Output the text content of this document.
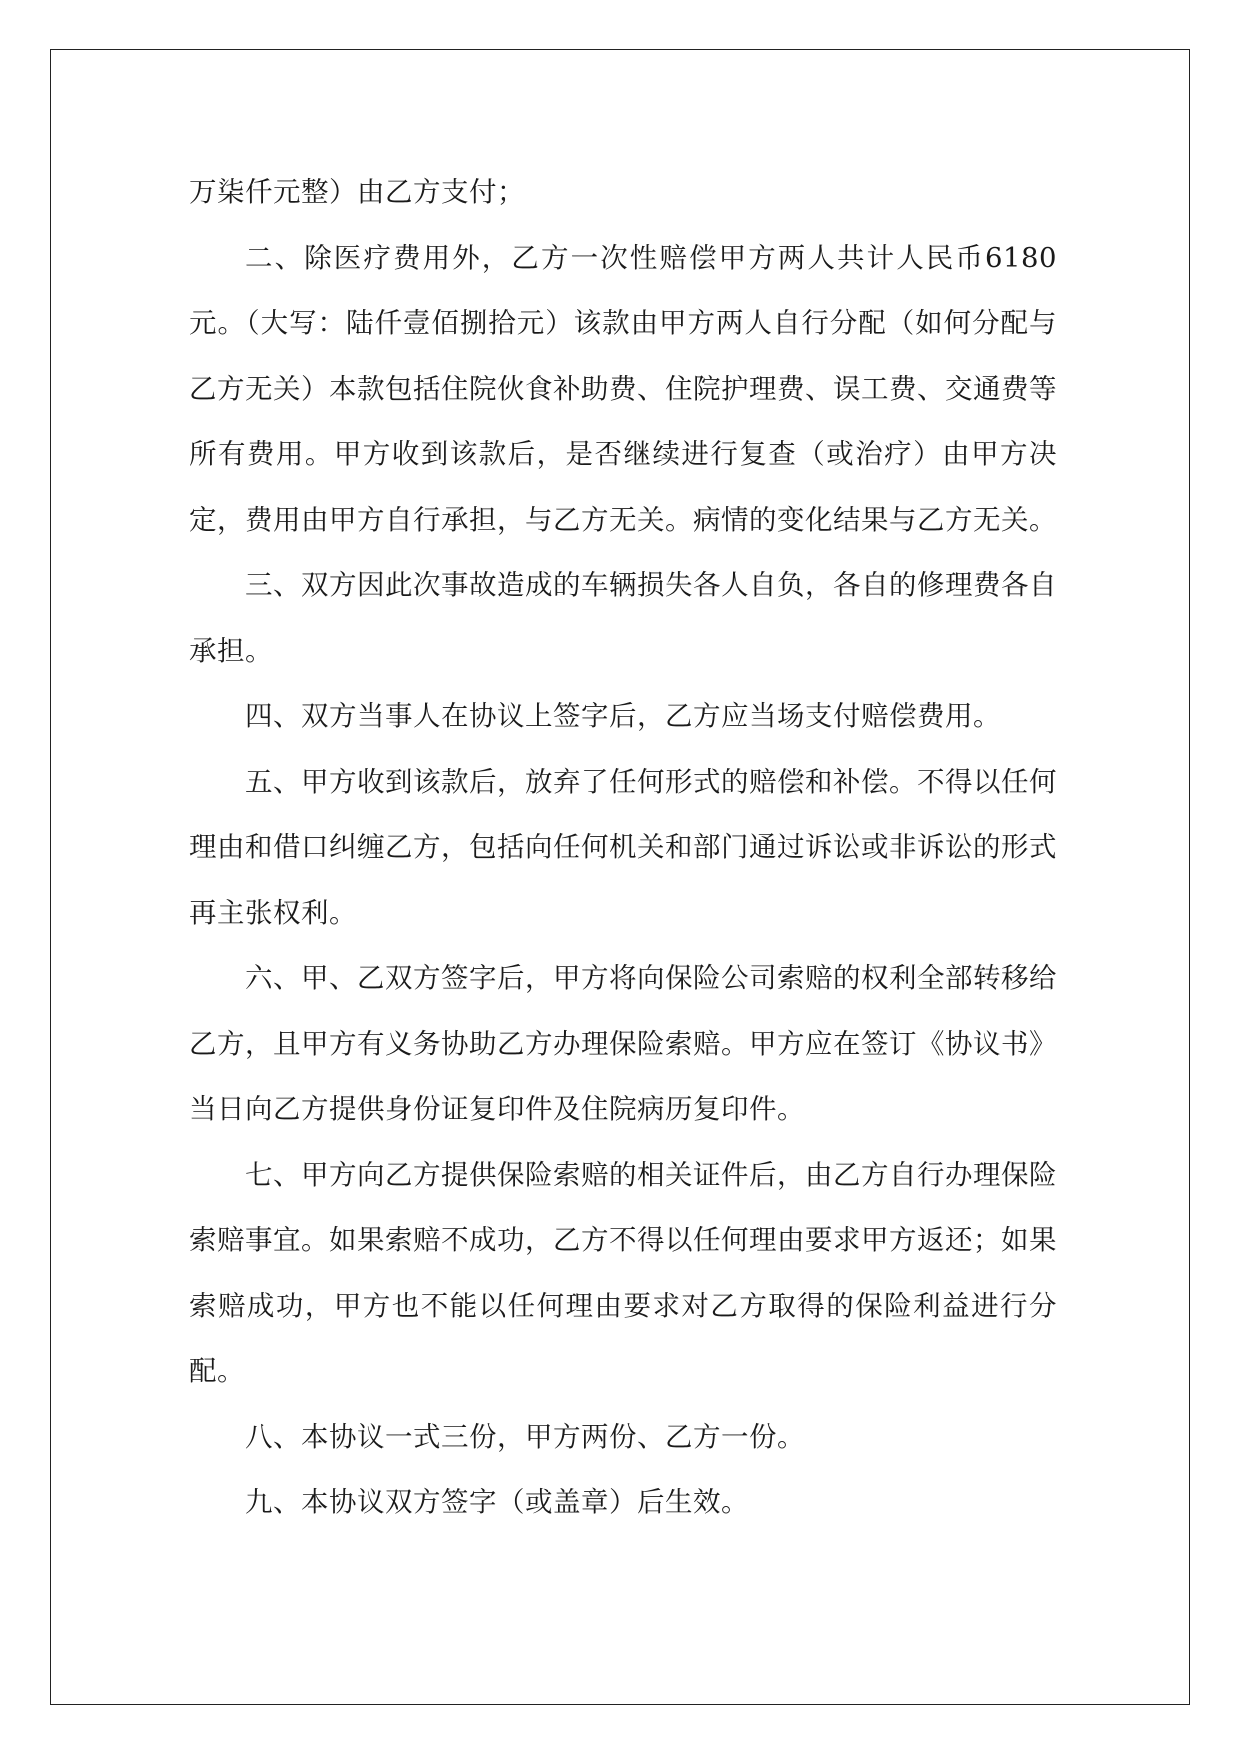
万柒仟元整）由乙方支付；

二、除医疗费用外，乙方一次性赔偿甲方两人共计人民币6180元。（大写：陆仟壹佰捌拾元）该款由甲方两人自行分配（如何分配与乙方无关）本款包括住院伙食补助费、住院护理费、误工费、交通费等所有费用。甲方收到该款后，是否继续进行复查（或治疗）由甲方决定，费用由甲方自行承担，与乙方无关。病情的变化结果与乙方无关。

三、双方因此次事故造成的车辆损失各人自负，各自的修理费各自承担。

四、双方当事人在协议上签字后，乙方应当场支付赔偿费用。

五、甲方收到该款后，放弃了任何形式的赔偿和补偿。不得以任何理由和借口纠缠乙方，包括向任何机关和部门通过诉讼或非诉讼的形式再主张权利。

六、甲、乙双方签字后，甲方将向保险公司索赔的权利全部转移给乙方，且甲方有义务协助乙方办理保险索赔。甲方应在签订《协议书》当日向乙方提供身份证复印件及住院病历复印件。

七、甲方向乙方提供保险索赔的相关证件后，由乙方自行办理保险索赔事宜。如果索赔不成功，乙方不得以任何理由要求甲方返还；如果索赔成功，甲方也不能以任何理由要求对乙方取得的保险利益进行分配。

八、本协议一式三份，甲方两份、乙方一份。

九、本协议双方签字（或盖章）后生效。
